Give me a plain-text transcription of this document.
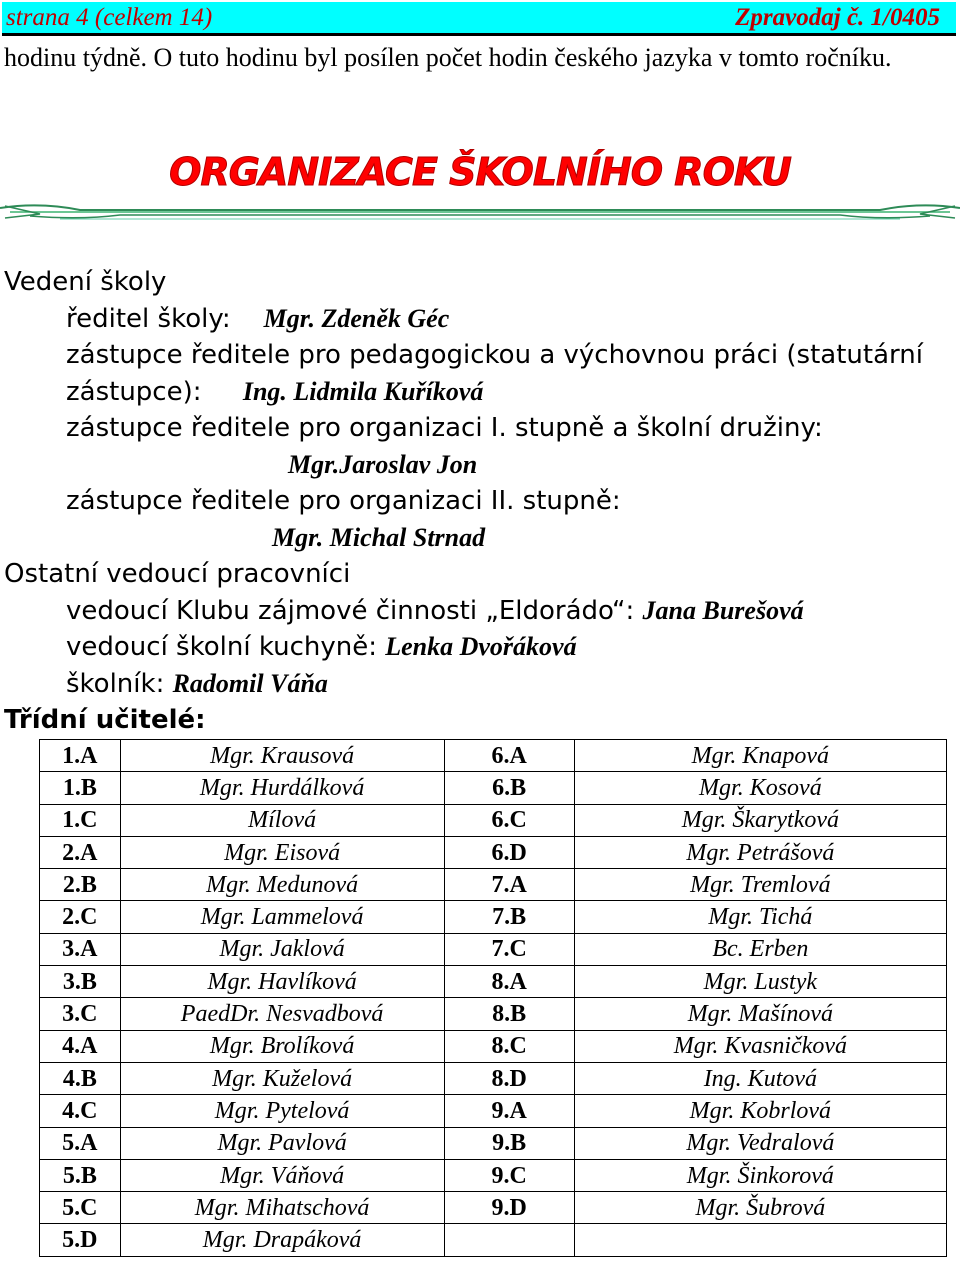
strana 4 (celkem 14)	Zpravodaj č. 1/0405
hodinu týdně. O tuto hodinu byl posílen počet hodin českého jazyka v tomto ročníku.
ORGANIZACE ŠKOLNÍHO ROKU
Vedení školy
ředitel školy: Mgr. Zdeněk Géc
zástupce ředitele pro pedagogickou a výchovnou práci (statutární
zástupce): Ing. Lidmila Kuříková
zástupce ředitele pro organizaci I. stupně a školní družiny:
Mgr.Jaroslav Jon
zástupce ředitele pro organizaci II. stupně:
Mgr. Michal Strnad
Ostatní vedoucí pracovníci
vedoucí Klubu zájmové činnosti „Eldorádo“: Jana Burešová
vedoucí školní kuchyně: Lenka Dvořáková
školník: Radomil Váňa
Třídní učitelé:
1.A	Mgr. Krausová	6.A	Mgr. Knapová
1.B	Mgr. Hurdálková	6.B	Mgr. Kosová
1.C	Mílová	6.C	Mgr. Škarytková
2.A	Mgr. Eisová	6.D	Mgr. Petrášová
2.B	Mgr. Medunová	7.A	Mgr. Tremlová
2.C	Mgr. Lammelová	7.B	Mgr. Tichá
3.A	Mgr. Jaklová	7.C	Bc. Erben
3.B	Mgr. Havlíková	8.A	Mgr. Lustyk
3.C	PaedDr. Nesvadbová	8.B	Mgr. Mašínová
4.A	Mgr. Brolíková	8.C	Mgr. Kvasničková
4.B	Mgr. Kuželová	8.D	Ing. Kutová
4.C	Mgr. Pytelová	9.A	Mgr. Kobrlová
5.A	Mgr. Pavlová	9.B	Mgr. Vedralová
5.B	Mgr. Váňová	9.C	Mgr. Šinkorová
5.C	Mgr. Mihatschová	9.D	Mgr. Šubrová
5.D	Mgr. Drapáková		
